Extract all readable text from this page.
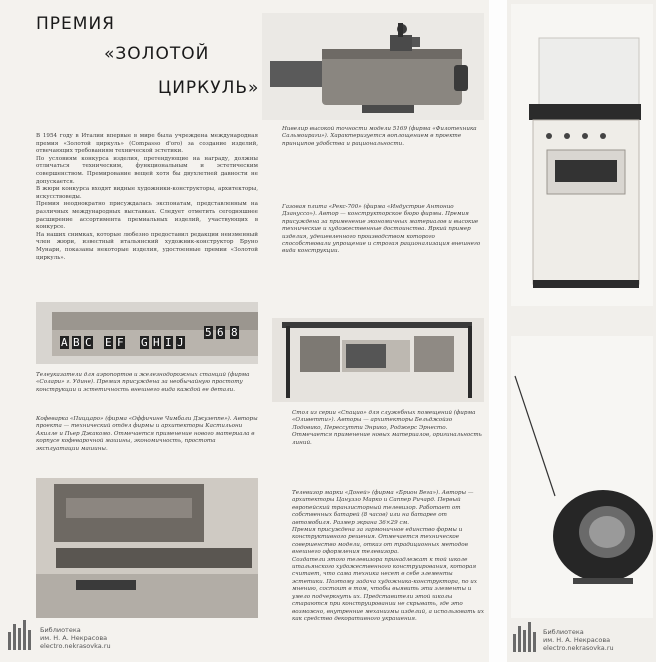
ПРЕМИЯ
«ЗОЛОТОЙ
ЦИРКУЛЬ»
В 1954 году в Италии впервые в мире была учреждена международная премия «Золотой циркуль» (Compasso d'oro) за создание изделий, отвечающих требованиям технической эстетики.
По условиям конкурса изделия, претендующие на награду, должны отличаться техническим, функциональным и эстетическим совершенством. Премирование вещей хотя бы двухлетней давности не допускается.
В жюри конкурса входят видные художники-конструкторы, архитекторы, искусствоведы.
Премия неоднократно присуждалась экспонатам, представленным на различных международных выставках. Следует отметить сегодняшнее расширение ассортимента премиальных изделий, участвующих в конкурсе.
На наших снимках, которые любезно предоставил редакции неизменный член жюри, известный итальянский художник-конструктор Бруно Мунари, показаны некоторые изделия, удостоенные премии «Золотой циркуль».
Нивелир высокой точности модели 5169 (фирма «Филотехника Сальмоираги»). Характеризуется воплощением в проекте принципов удобства и рациональности.
Газовая плита «Рекс-700» (фирма «Индустрие Антонио Дзануссо»). Автор — конструкторское бюро фирмы. Премия присуждена за применение экономичных материалов и высокие технические и художественные достоинства. Яркий пример изделия, удешевленного производством которого способствовали упрощение и строгая рационализация внешнего вида конструкции.
5 6 8
A B C E F G H I J
Телеуказатели для аэропортов и железнодорожных станций (фирма «Солари» г. Удине). Премия присуждена за необычайную простоту конструкции и эстетичность внешнего вида каждой ее детали.
Кофеварка «Пиццаро» (фирма «Оффичине Чимбали Джузеппе»). Авторы проекта — технический отдел фирмы и архитекторы Кастильони Акилле и Пьер Джакомо. Отмечается применение нового материала в корпусе кофеварочной машины, экономичность, простота эксплуатации машины.
Стол из серии «Спацио» для служебных помещений (фирма «Оливетти»). Авторы — архитекторы Бельджойзо Лодовико, Перессутти Энрико, Роджерс Эрнесто. Отмечается применение новых материалов, оригинальность линий.
Телевизор марки «Доней» (фирма «Брион Вега»). Авторы — архитекторы Цануззо Марко и Саппер Ричард. Первый европейский транзисторный телевизор. Работает от собственных батарей (8 часов) или на батарее от автомобиля. Размер экрана 36×29 см.
Премия присуждена за гармоничное единство формы и конструктивного решения. Отмечается техническое совершенство модели, отказ от традиционных методов внешнего оформления телевизора.
Создатели этого телевизора принадлежат к той школе итальянского художественного конструирования, которая считает, что сама техника несет в себе элементы эстетики. Поэтому задача художника-конструктора, по их мнению, состоит в том, чтобы выявить эти элементы и умело подчеркнуть их. Представители этой школы стараются при конструировании не скрывать, где это возможно, внутренние механизмы изделий, а использовать их как средство декоративного украшения.
Библиотека
им. Н. А. Некрасова
electro.nekrasovka.ru
Библиотека
им. Н. А. Некрасова
electro.nekrasovka.ru
